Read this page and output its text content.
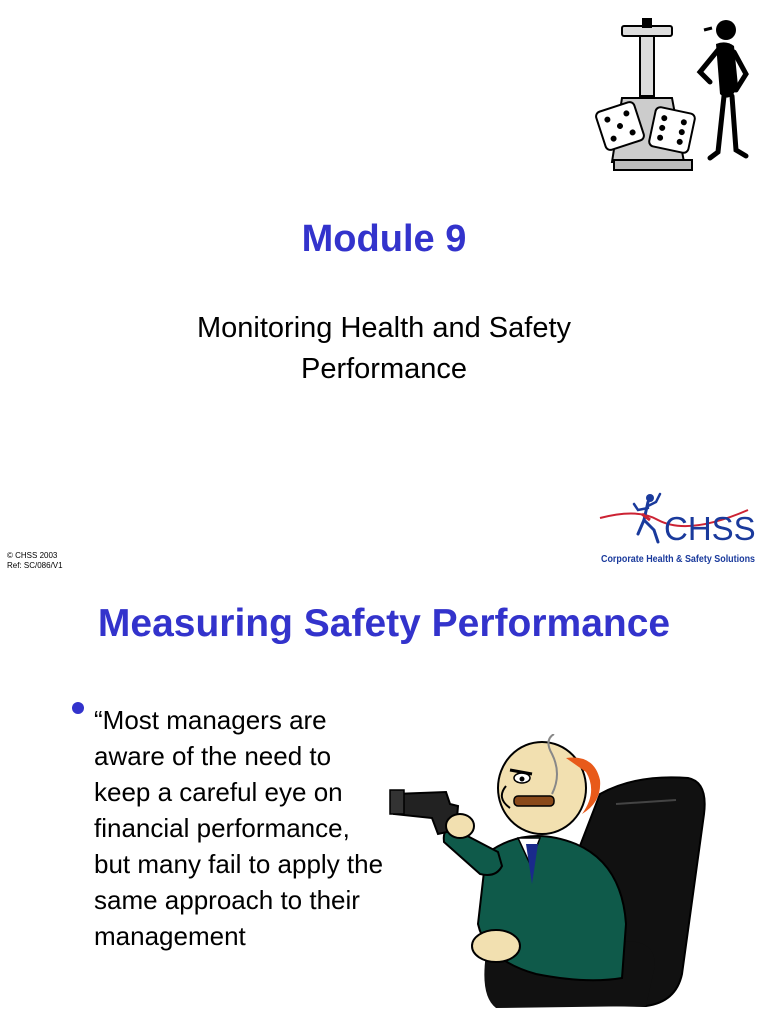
Module 9
Monitoring Health and Safety Performance
© CHSS 2003
Ref: SC/086/V1
CHSS
Corporate Health & Safety Solutions
Measuring Safety Performance
“Most managers are aware of the need to keep a careful eye on financial performance, but many fail to apply the same approach to their management
